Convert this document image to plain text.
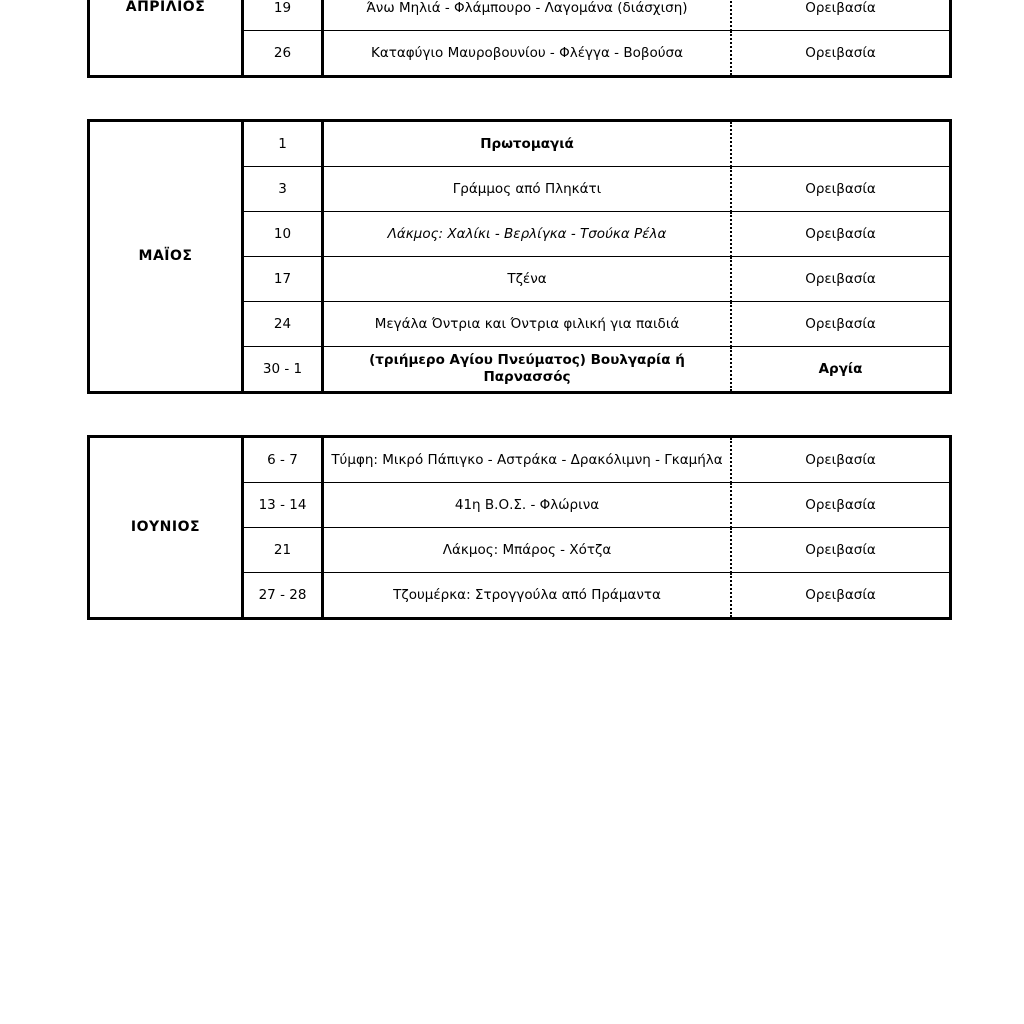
ΑΠΡΙΛΙΟΣ			
	19	Άνω Μηλιά - Φλάμπουρο - Λαγομάνα (διάσχιση)	Ορειβασία
	26	Καταφύγιο Μαυροβουνίου - Φλέγγα - Βοβούσα	Ορειβασία
ΜΑΪΟΣ	1	Πρωτομαγιά	
	3	Γράμμος από Πληκάτι	Ορειβασία
	10	Λάκμος: Χαλίκι - Βερλίγκα - Τσούκα Ρέλα	Ορειβασία
	17	Τζένα	Ορειβασία
	24	Μεγάλα Όντρια και Όντρια φιλική για παιδιά	Ορειβασία
	30 - 1	(τριήμερο Αγίου Πνεύματος) Βουλγαρία ή Παρνασσός	Αργία
ΙΟΥΝΙΟΣ	6 - 7	Τύμφη: Μικρό Πάπιγκο - Αστράκα - Δρακόλιμνη - Γκαμήλα	Ορειβασία
	13 - 14	41η Β.Ο.Σ. - Φλώρινα	Ορειβασία
	21	Λάκμος: Μπάρος - Χότζα	Ορειβασία
	27 - 28	Τζουμέρκα: Στρογγούλα από Πράμαντα	Ορειβασία
